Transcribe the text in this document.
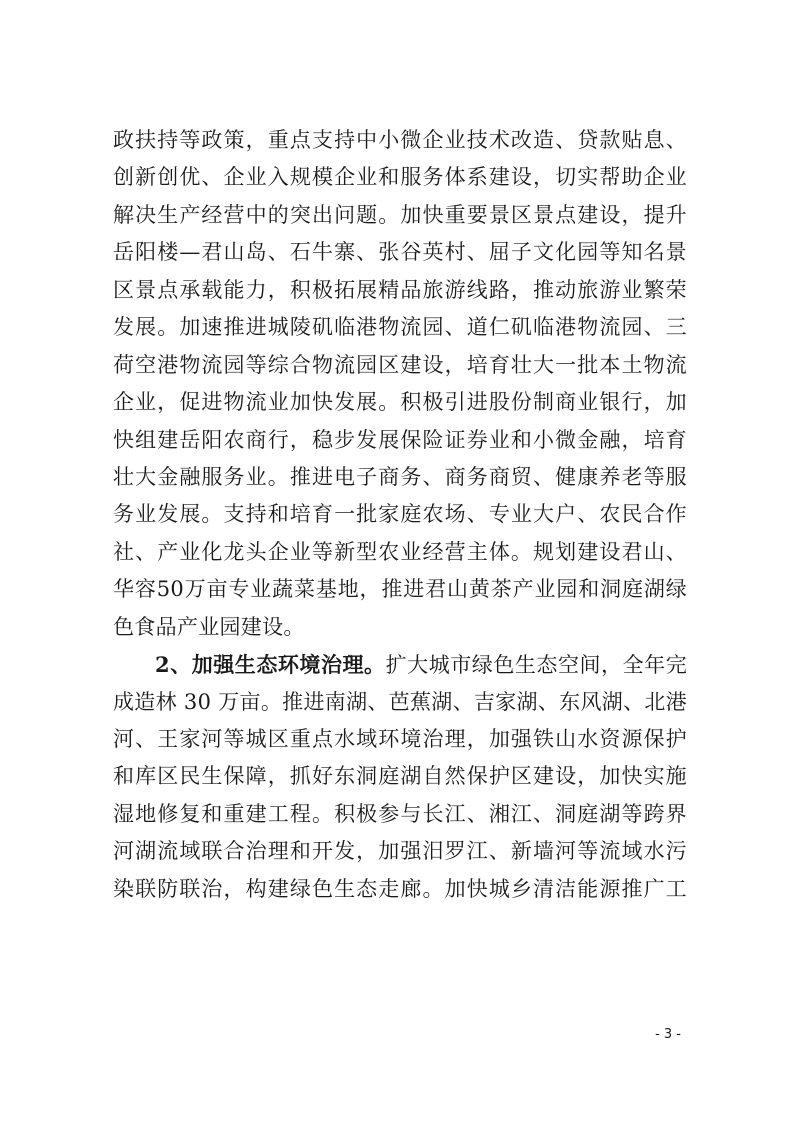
政扶持等政策，重点支持中小微企业技术改造、贷款贴息、
创新创优、企业入规模企业和服务体系建设，切实帮助企业
解决生产经营中的突出问题。加快重要景区景点建设，提升
岳阳楼—君山岛、石牛寨、张谷英村、屈子文化园等知名景
区景点承载能力，积极拓展精品旅游线路，推动旅游业繁荣
发展。加速推进城陵矶临港物流园、道仁矶临港物流园、三
荷空港物流园等综合物流园区建设，培育壮大一批本土物流
企业，促进物流业加快发展。积极引进股份制商业银行，加
快组建岳阳农商行，稳步发展保险证券业和小微金融，培育
壮大金融服务业。推进电子商务、商务商贸、健康养老等服
务业发展。支持和培育一批家庭农场、专业大户、农民合作
社、产业化龙头企业等新型农业经营主体。规划建设君山、
华容50万亩专业蔬菜基地，推进君山黄茶产业园和洞庭湖绿
色食品产业园建设。
2、加强生态环境治理。扩大城市绿色生态空间，全年完
成造林 30 万亩。推进南湖、芭蕉湖、吉家湖、东风湖、北港
河、王家河等城区重点水域环境治理，加强铁山水资源保护
和库区民生保障，抓好东洞庭湖自然保护区建设，加快实施
湿地修复和重建工程。积极参与长江、湘江、洞庭湖等跨界
河湖流域联合治理和开发，加强汨罗江、新墙河等流域水污
染联防联治，构建绿色生态走廊。加快城乡清洁能源推广工
- 3 -
